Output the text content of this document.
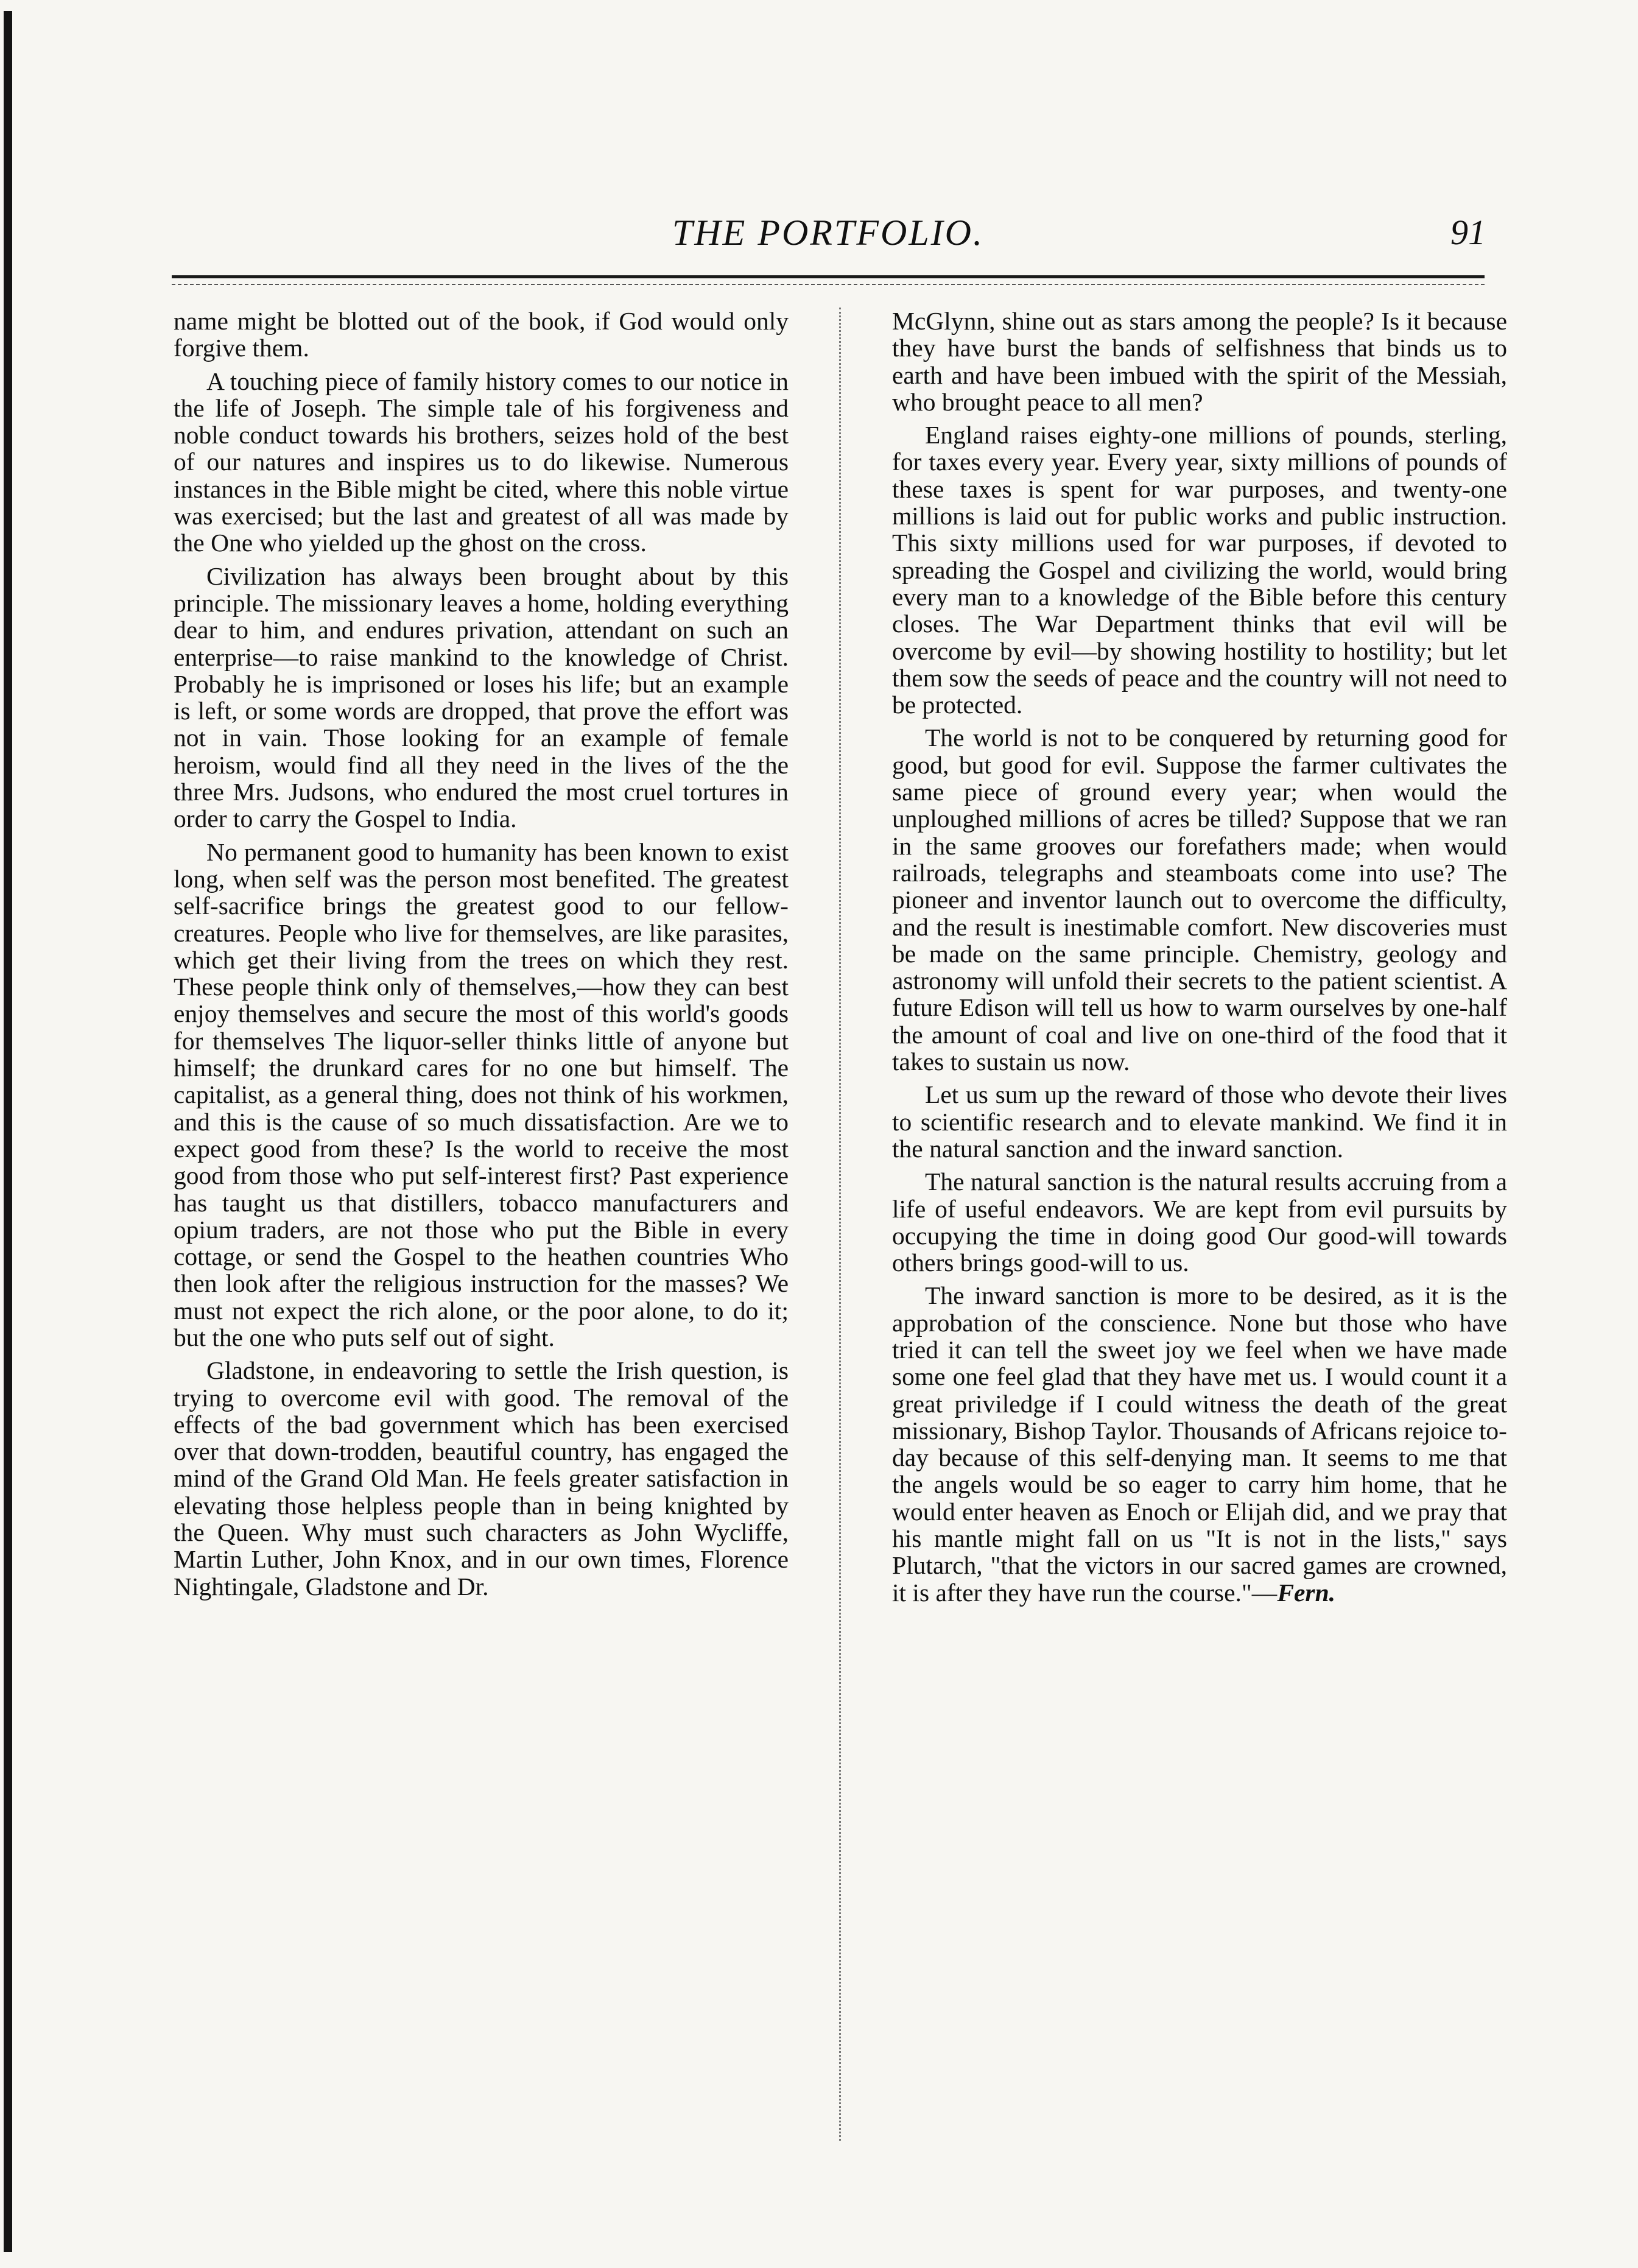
THE PORTFOLIO.	91

name might be blotted out of the book, if God would only forgive them.

A touching piece of family history comes to our notice in the life of Joseph. The simple tale of his forgiveness and noble conduct towards his brothers, seizes hold of the best of our natures and inspires us to do likewise. Numerous instances in the Bible might be cited, where this noble virtue was exercised; but the last and greatest of all was made by the One who yielded up the ghost on the cross.

Civilization has always been brought about by this principle. The missionary leaves a home, holding everything dear to him, and endures privation, attendant on such an enterprise—to raise mankind to the knowledge of Christ. Probably he is imprisoned or loses his life; but an example is left, or some words are dropped, that prove the effort was not in vain. Those looking for an example of female heroism, would find all they need in the lives of the the three Mrs. Judsons, who endured the most cruel tortures in order to carry the Gospel to India.

No permanent good to humanity has been known to exist long, when self was the person most benefited. The greatest self-sacrifice brings the greatest good to our fellow-creatures. People who live for themselves, are like parasites, which get their living from the trees on which they rest. These people think only of themselves,—how they can best enjoy themselves and secure the most of this world's goods for themselves The liquor-seller thinks little of anyone but himself; the drunkard cares for no one but himself. The capitalist, as a general thing, does not think of his workmen, and this is the cause of so much dissatisfaction. Are we to expect good from these? Is the world to receive the most good from those who put self-interest first? Past experience has taught us that distillers, tobacco manufacturers and opium traders, are not those who put the Bible in every cottage, or send the Gospel to the heathen countries Who then look after the religious instruction for the masses? We must not expect the rich alone, or the poor alone, to do it; but the one who puts self out of sight.

Gladstone, in endeavoring to settle the Irish question, is trying to overcome evil with good. The removal of the effects of the bad government which has been exercised over that down-trodden, beautiful country, has engaged the mind of the Grand Old Man. He feels greater satisfaction in elevating those helpless people than in being knighted by the Queen. Why must such characters as John Wycliffe, Martin Luther, John Knox, and in our own times, Florence Nightingale, Gladstone and Dr.

McGlynn, shine out as stars among the people? Is it because they have burst the bands of selfishness that binds us to earth and have been imbued with the spirit of the Messiah, who brought peace to all men?

England raises eighty-one millions of pounds, sterling, for taxes every year. Every year, sixty millions of pounds of these taxes is spent for war purposes, and twenty-one millions is laid out for public works and public instruction. This sixty millions used for war purposes, if devoted to spreading the Gospel and civilizing the world, would bring every man to a knowledge of the Bible before this century closes. The War Department thinks that evil will be overcome by evil—by showing hostility to hostility; but let them sow the seeds of peace and the country will not need to be protected.

The world is not to be conquered by returning good for good, but good for evil. Suppose the farmer cultivates the same piece of ground every year; when would the unploughed millions of acres be tilled? Suppose that we ran in the same grooves our forefathers made; when would railroads, telegraphs and steamboats come into use? The pioneer and inventor launch out to overcome the difficulty, and the result is inestimable comfort. New discoveries must be made on the same principle. Chemistry, geology and astronomy will unfold their secrets to the patient scientist. A future Edison will tell us how to warm ourselves by one-half the amount of coal and live on one-third of the food that it takes to sustain us now.

Let us sum up the reward of those who devote their lives to scientific research and to elevate mankind. We find it in the natural sanction and the inward sanction.

The natural sanction is the natural results accruing from a life of useful endeavors. We are kept from evil pursuits by occupying the time in doing good Our good-will towards others brings good-will to us.

The inward sanction is more to be desired, as it is the approbation of the conscience. None but those who have tried it can tell the sweet joy we feel when we have made some one feel glad that they have met us. I would count it a great priviledge if I could witness the death of the great missionary, Bishop Taylor. Thousands of Africans rejoice to-day because of this self-denying man. It seems to me that the angels would be so eager to carry him home, that he would enter heaven as Enoch or Elijah did, and we pray that his mantle might fall on us "It is not in the lists," says Plutarch, "that the victors in our sacred games are crowned, it is after they have run the course."—Fern.
